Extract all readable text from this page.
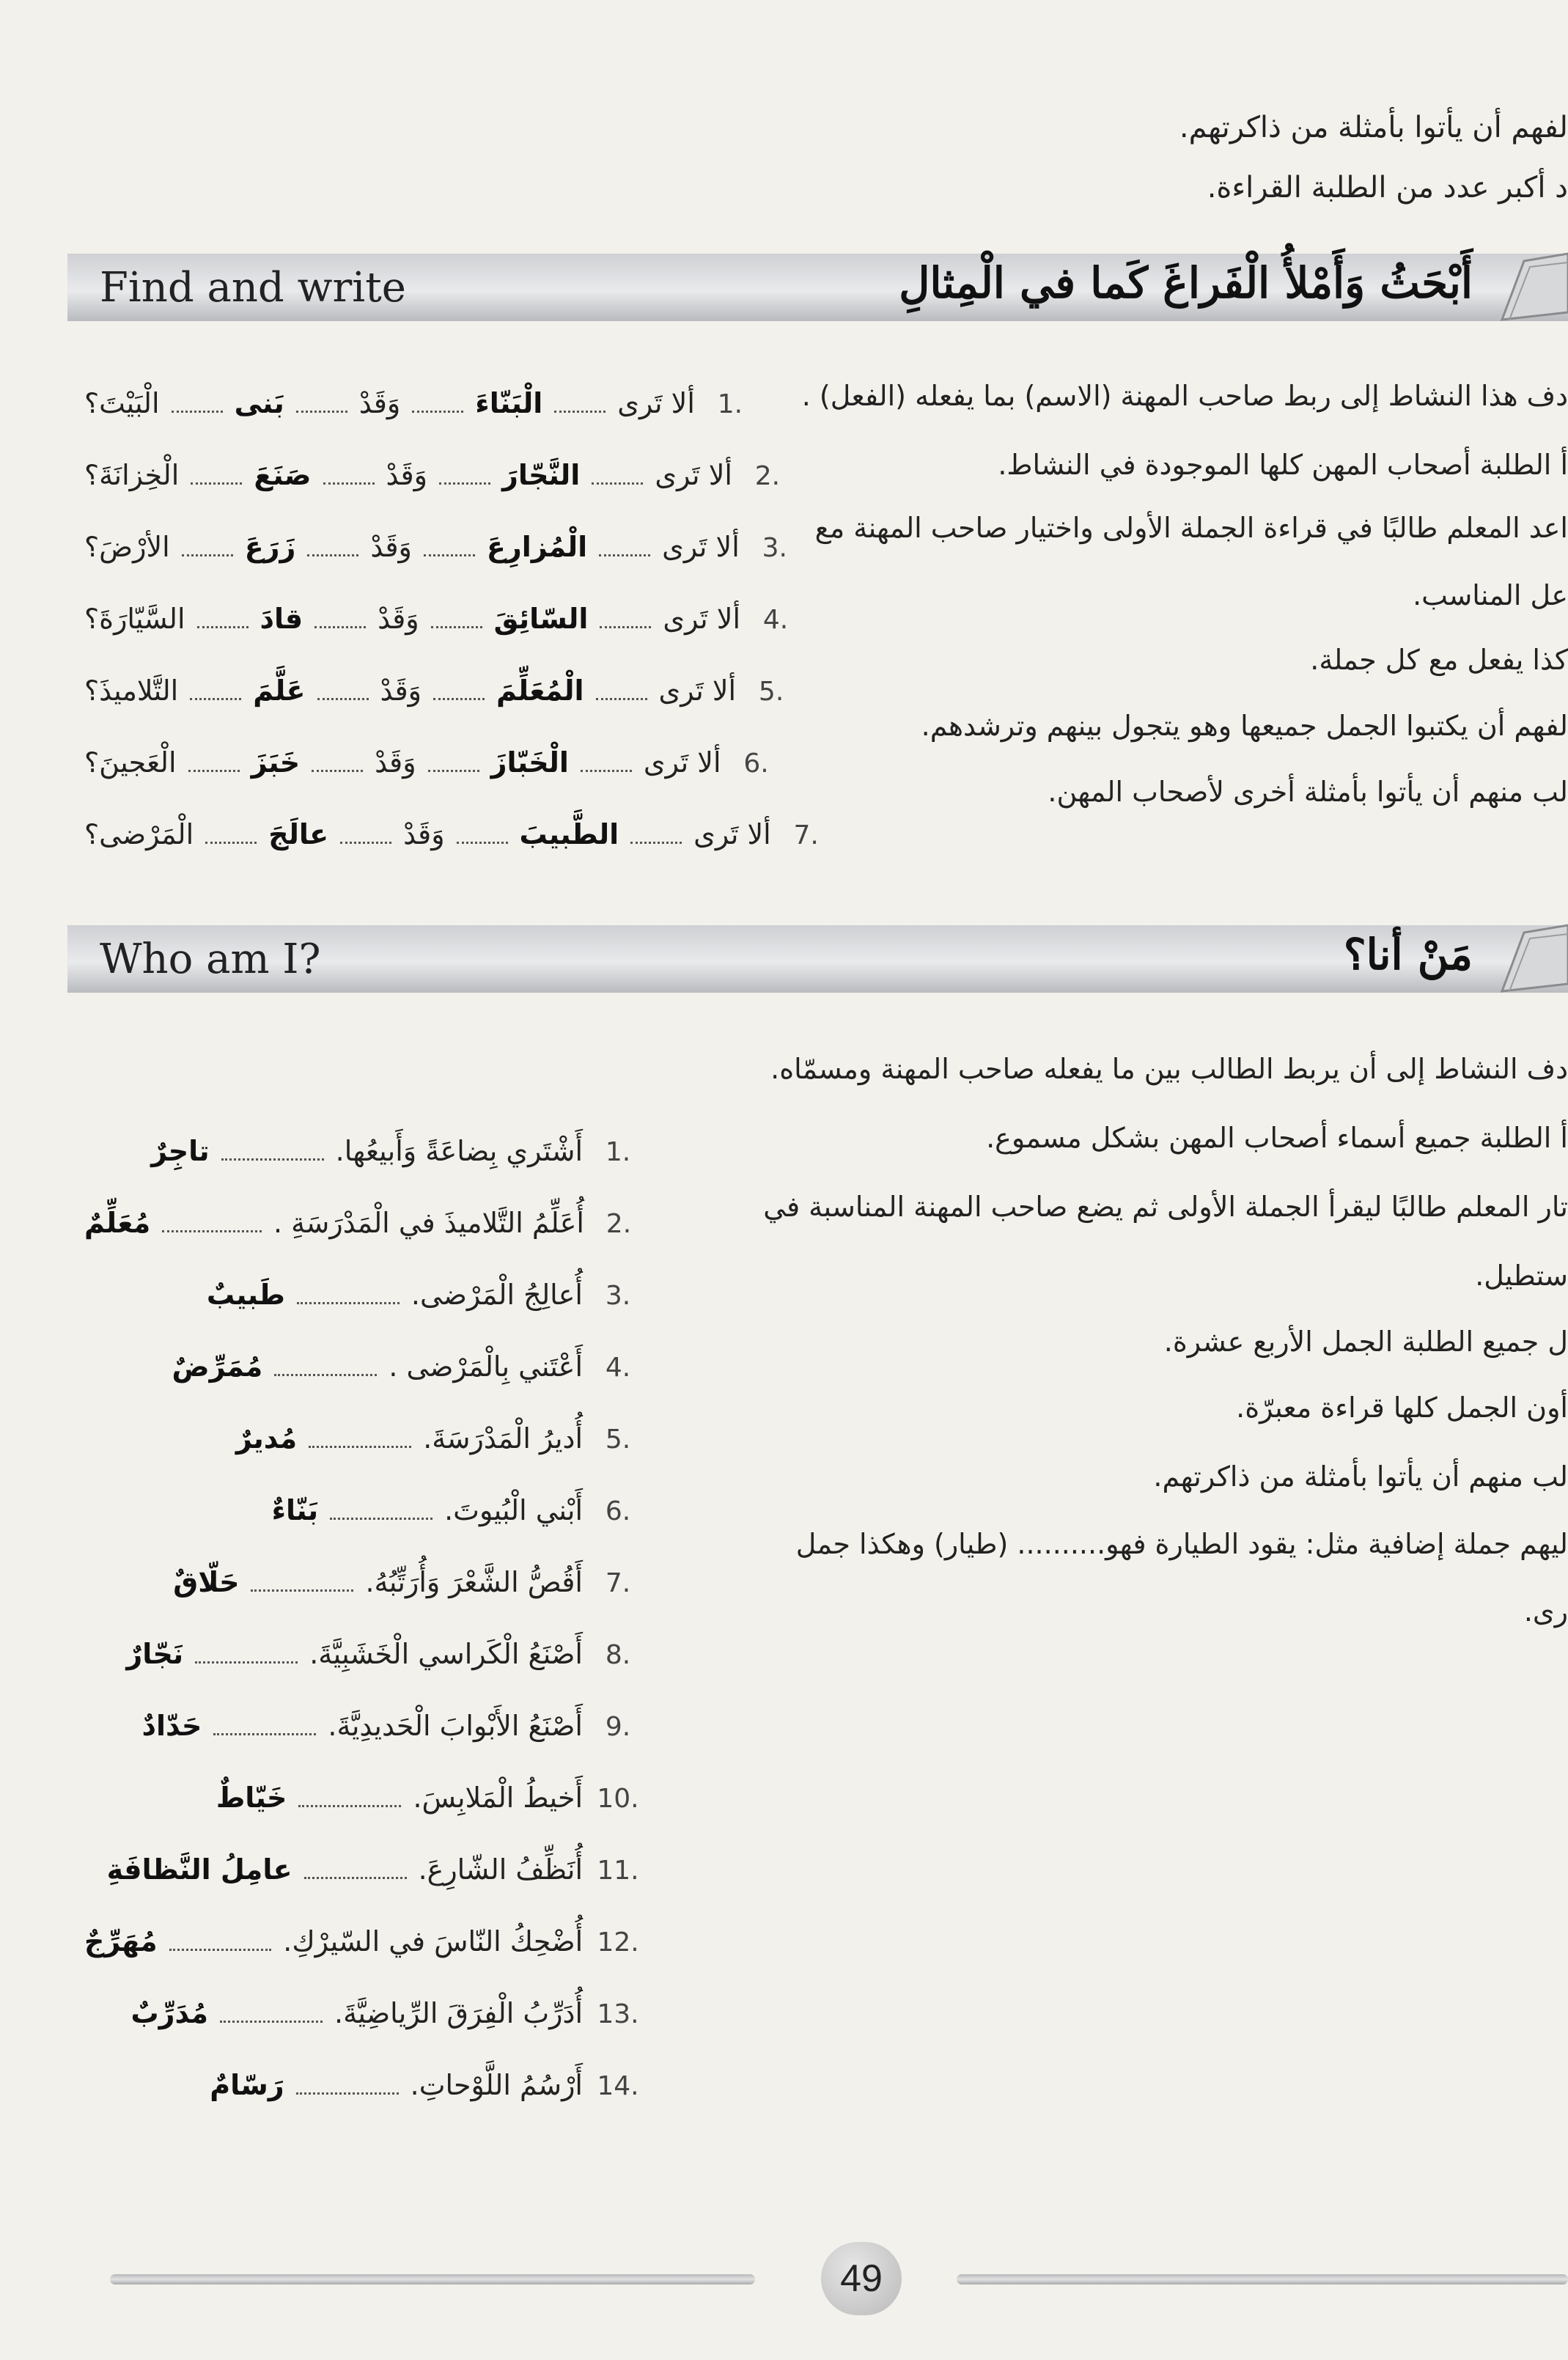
لفهم أن يأتوا بأمثلة من ذاكرتهم.
د أكبر عدد من الطلبة القراءة.
Find and write	أَبْحَثُ وَأَمْلأُ الْفَراغَ كَما في الْمِثالِ
1.
ألا تَرى
الْبَنّاءَ
وَقَدْ
بَنى
الْبَيْتَ؟
2.
ألا تَرى
النَّجّارَ
وَقَدْ
صَنَعَ
الْخِزانَةَ؟
3.
ألا تَرى
الْمُزارِعَ
وَقَدْ
زَرَعَ
الأرْضَ؟
4.
ألا تَرى
السّائِقَ
وَقَدْ
قادَ
السَّيّارَةَ؟
5.
ألا تَرى
الْمُعَلِّمَ
وَقَدْ
عَلَّمَ
التَّلاميذَ؟
6.
ألا تَرى
الْخَبّازَ
وَقَدْ
خَبَزَ
الْعَجينَ؟
7.
ألا تَرى
الطَّبيبَ
وَقَدْ
عالَجَ
الْمَرْضى؟
دف هذا النشاط إلى ربط صاحب المهنة (الاسم) بما يفعله (الفعل) .
أ الطلبة أصحاب المهن كلها الموجودة في النشاط.
اعد المعلم طالبًا في قراءة الجملة الأولى واختيار صاحب المهنة مع
عل المناسب.
كذا يفعل مع كل جملة.
لفهم أن يكتبوا الجمل جميعها وهو يتجول بينهم وترشدهم.
لب منهم أن يأتوا بأمثلة أخرى لأصحاب المهن.
Who am I?	مَنْ أنا؟
1.
أَشْتَري بِضاعَةً وَأَبيعُها.
تاجِرٌ
2.
أُعَلِّمُ التَّلاميذَ في الْمَدْرَسَةِ .
مُعَلِّمٌ
3.
أُعالِجُ الْمَرْضى.
طَبيبٌ
4.
أَعْتَني بِالْمَرْضى .
مُمَرِّضٌ
5.
أُديرُ الْمَدْرَسَةَ.
مُديرٌ
6.
أَبْني الْبُيوتَ.
بَنّاءٌ
7.
أَقُصُّ الشَّعْرَ وَأُرَتِّبُهُ.
حَلّاقٌ
8.
أَصْنَعُ الْكَراسي الْخَشَبِيَّةَ.
نَجّارٌ
9.
أَصْنَعُ الأَبْوابَ الْحَديدِيَّةَ.
حَدّادٌ
10.
أَخيطُ الْمَلابِسَ.
خَيّاطٌ
11.
أُنَظِّفُ الشّارِعَ.
عامِلُ النَّظافَةِ
12.
أُضْحِكُ النّاسَ في السّيرْكِ.
مُهَرِّجٌ
13.
أُدَرِّبُ الْفِرَقَ الرِّياضِيَّةَ.
مُدَرِّبٌ
14.
أَرْسُمُ اللَّوْحاتِ.
رَسّامٌ
دف النشاط إلى أن يربط الطالب بين ما يفعله صاحب المهنة ومسمّاه.
أ الطلبة جميع أسماء أصحاب المهن بشكل مسموع.
تار المعلم طالبًا ليقرأ الجملة الأولى ثم يضع صاحب المهنة المناسبة في
ستطيل.
ل جميع الطلبة الجمل الأربع عشرة.
أون الجمل كلها قراءة معبرّة.
لب منهم أن يأتوا بأمثلة من ذاكرتهم.
ليهم جملة إضافية مثل: يقود الطيارة فهو.......... (طيار) وهكذا جمل
رى.
49
